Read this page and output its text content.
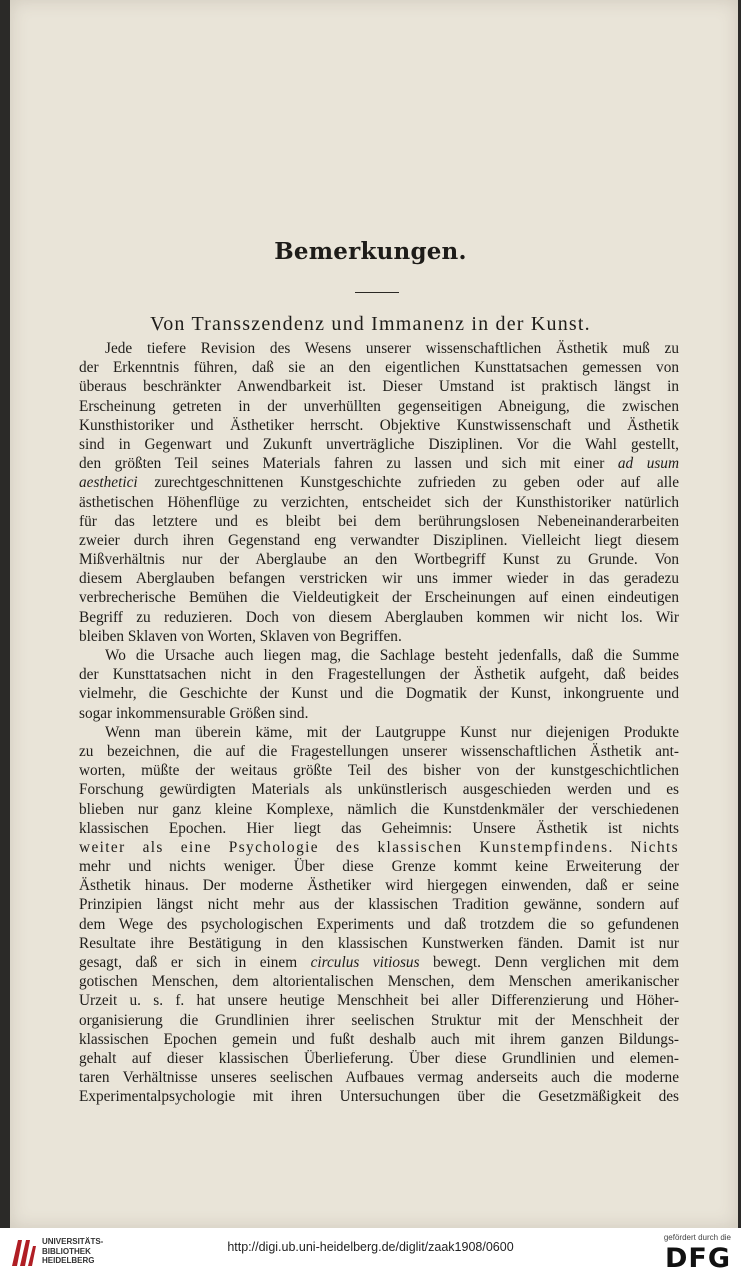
Bemerkungen.
Von Transszendenz und Immanenz in der Kunst.
Jede tiefere Revision des Wesens unserer wissenschaftlichen Ästhetik muß zu
der Erkenntnis führen, daß sie an den eigentlichen Kunsttatsachen gemessen von
überaus beschränkter Anwendbarkeit ist. Dieser Umstand ist praktisch längst in
Erscheinung getreten in der unverhüllten gegenseitigen Abneigung, die zwischen
Kunsthistoriker und Ästhetiker herrscht. Objektive Kunstwissenschaft und Ästhetik
sind in Gegenwart und Zukunft unverträgliche Disziplinen. Vor die Wahl gestellt,
den größten Teil seines Materials fahren zu lassen und sich mit einer ad usum
aesthetici zurechtgeschnittenen Kunstgeschichte zufrieden zu geben oder auf alle
ästhetischen Höhenflüge zu verzichten, entscheidet sich der Kunsthistoriker natürlich
für das letztere und es bleibt bei dem berührungslosen Nebeneinanderarbeiten
zweier durch ihren Gegenstand eng verwandter Disziplinen. Vielleicht liegt diesem
Mißverhältnis nur der Aberglaube an den Wortbegriff Kunst zu Grunde. Von
diesem Aberglauben befangen verstricken wir uns immer wieder in das geradezu
verbrecherische Bemühen die Vieldeutigkeit der Erscheinungen auf einen eindeutigen
Begriff zu reduzieren. Doch von diesem Aberglauben kommen wir nicht los. Wir
bleiben Sklaven von Worten, Sklaven von Begriffen.
Wo die Ursache auch liegen mag, die Sachlage besteht jedenfalls, daß die Summe
der Kunsttatsachen nicht in den Fragestellungen der Ästhetik aufgeht, daß beides
vielmehr, die Geschichte der Kunst und die Dogmatik der Kunst, inkongruente und
sogar inkommensurable Größen sind.
Wenn man überein käme, mit der Lautgruppe Kunst nur diejenigen Produkte
zu bezeichnen, die auf die Fragestellungen unserer wissenschaftlichen Ästhetik ant-
worten, müßte der weitaus größte Teil des bisher von der kunstgeschichtlichen
Forschung gewürdigten Materials als unkünstlerisch ausgeschieden werden und es
blieben nur ganz kleine Komplexe, nämlich die Kunstdenkmäler der verschiedenen
klassischen Epochen. Hier liegt das Geheimnis: Unsere Ästhetik ist nichts
weiter als eine Psychologie des klassischen Kunstempfindens. Nichts
mehr und nichts weniger. Über diese Grenze kommt keine Erweiterung der
Ästhetik hinaus. Der moderne Ästhetiker wird hiergegen einwenden, daß er seine
Prinzipien längst nicht mehr aus der klassischen Tradition gewänne, sondern auf
dem Wege des psychologischen Experiments und daß trotzdem die so gefundenen
Resultate ihre Bestätigung in den klassischen Kunstwerken fänden. Damit ist nur
gesagt, daß er sich in einem circulus vitiosus bewegt. Denn verglichen mit dem
gotischen Menschen, dem altorientalischen Menschen, dem Menschen amerikanischer
Urzeit u. s. f. hat unsere heutige Menschheit bei aller Differenzierung und Höher-
organisierung die Grundlinien ihrer seelischen Struktur mit der Menschheit der
klassischen Epochen gemein und fußt deshalb auch mit ihrem ganzen Bildungs-
gehalt auf dieser klassischen Überlieferung. Über diese Grundlinien und elemen-
taren Verhältnisse unseres seelischen Aufbaues vermag anderseits auch die moderne
Experimentalpsychologie mit ihren Untersuchungen über die Gesetzmäßigkeit des
UNIVERSITÄTS-
BIBLIOTHEK
HEIDELBERG
http://digi.ub.uni-heidelberg.de/diglit/zaak1908/0600
gefördert durch die
DFG
